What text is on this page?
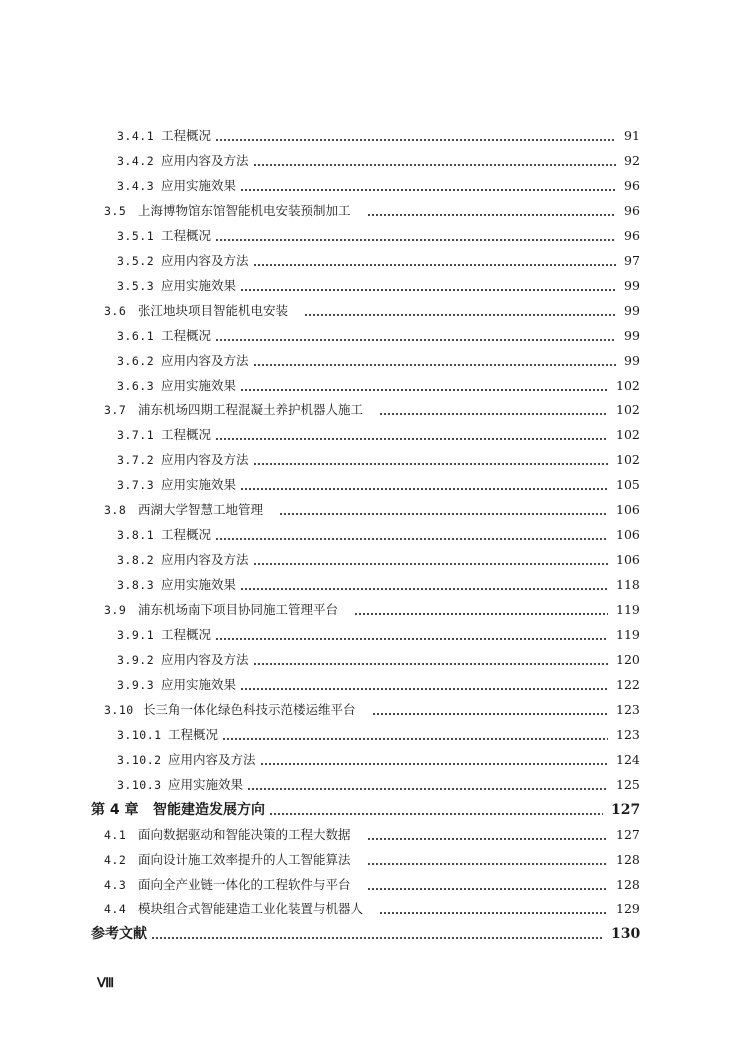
3.4.1 工程概况	91
3.4.2 应用内容及方法	92
3.4.3 应用实施效果	96
3.5 上海博物馆东馆智能机电安装预制加工	96
3.5.1 工程概况	96
3.5.2 应用内容及方法	97
3.5.3 应用实施效果	99
3.6 张江地块项目智能机电安装	99
3.6.1 工程概况	99
3.6.2 应用内容及方法	99
3.6.3 应用实施效果	102
3.7 浦东机场四期工程混凝土养护机器人施工	102
3.7.1 工程概况	102
3.7.2 应用内容及方法	102
3.7.3 应用实施效果	105
3.8 西湖大学智慧工地管理	106
3.8.1 工程概况	106
3.8.2 应用内容及方法	106
3.8.3 应用实施效果	118
3.9 浦东机场南下项目协同施工管理平台	119
3.9.1 工程概况	119
3.9.2 应用内容及方法	120
3.9.3 应用实施效果	122
3.10 长三角一体化绿色科技示范楼运维平台	123
3.10.1 工程概况	123
3.10.2 应用内容及方法	124
3.10.3 应用实施效果	125
第 4 章 智能建造发展方向	127
4.1 面向数据驱动和智能决策的工程大数据	127
4.2 面向设计施工效率提升的人工智能算法	128
4.3 面向全产业链一体化的工程软件与平台	128
4.4 模块组合式智能建造工业化装置与机器人	129
参考文献	130
Ⅷ
